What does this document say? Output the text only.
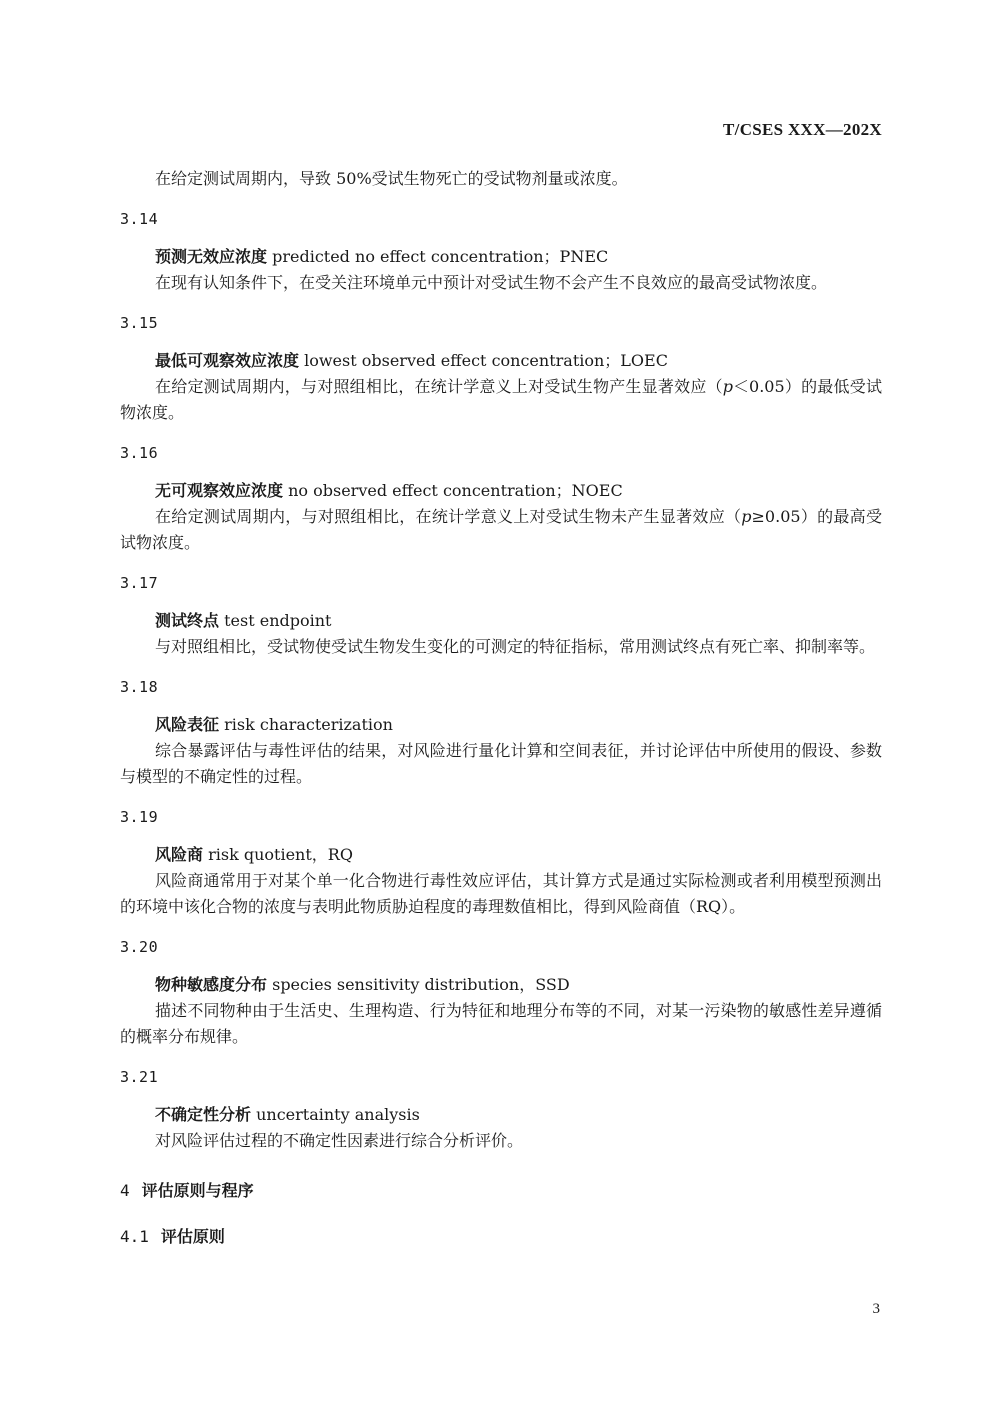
T/CSES XXX—202X

在给定测试周期内，导致 50%受试生物死亡的受试物剂量或浓度。

3.14

预测无效应浓度 predicted no effect concentration；PNEC

在现有认知条件下，在受关注环境单元中预计对受试生物不会产生不良效应的最高受试物浓度。

3.15

最低可观察效应浓度 lowest observed effect concentration；LOEC

在给定测试周期内，与对照组相比，在统计学意义上对受试生物产生显著效应（p＜0.05）的最低受试物浓度。

3.16

无可观察效应浓度 no observed effect concentration；NOEC

在给定测试周期内，与对照组相比，在统计学意义上对受试生物未产生显著效应（p≥0.05）的最高受试物浓度。

3.17

测试终点 test endpoint

与对照组相比，受试物使受试生物发生变化的可测定的特征指标，常用测试终点有死亡率、抑制率等。

3.18

风险表征 risk characterization

综合暴露评估与毒性评估的结果，对风险进行量化计算和空间表征，并讨论评估中所使用的假设、参数与模型的不确定性的过程。

3.19

风险商 risk quotient，RQ

风险商通常用于对某个单一化合物进行毒性效应评估，其计算方式是通过实际检测或者利用模型预测出的环境中该化合物的浓度与表明此物质胁迫程度的毒理数值相比，得到风险商值（RQ）。

3.20

物种敏感度分布 species sensitivity distribution，SSD

描述不同物种由于生活史、生理构造、行为特征和地理分布等的不同，对某一污染物的敏感性差异遵循的概率分布规律。

3.21

不确定性分析 uncertainty analysis

对风险评估过程的不确定性因素进行综合分析评价。

4 评估原则与程序
4.1 评估原则
3
